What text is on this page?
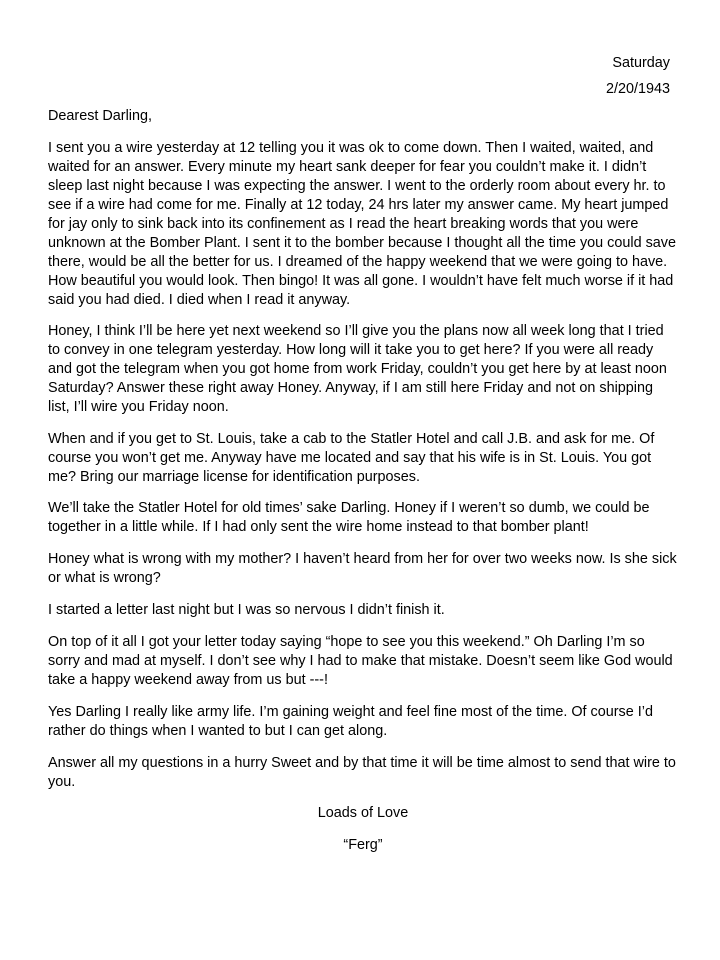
Saturday
2/20/1943
Dearest Darling,

I sent you a wire yesterday at 12 telling you it was ok to come down. Then I waited, waited, and waited for an answer. Every minute my heart sank deeper for fear you couldn’t make it. I didn’t sleep last night because I was expecting the answer. I went to the orderly room about every hr. to see if a wire had come for me. Finally at 12 today, 24 hrs later my answer came. My heart jumped for jay only to sink back into its confinement as I read the heart breaking words that you were unknown at the Bomber Plant. I sent it to the bomber because I thought all the time you could save there, would be all the better for us. I dreamed of the happy weekend that we were going to have. How beautiful you would look. Then bingo! It was all gone. I wouldn’t have felt much worse if it had said you had died. I died when I read it anyway.

Honey, I think I’ll be here yet next weekend so I’ll give you the plans now all week long that I tried to convey in one telegram yesterday. How long will it take you to get here? If you were all ready and got the telegram when you got home from work Friday, couldn’t you get here by at least noon Saturday? Answer these right away Honey. Anyway, if I am still here Friday and not on shipping list, I’ll wire you Friday noon.

When and if you get to St. Louis, take a cab to the Statler Hotel and call J.B. and ask for me. Of course you won’t get me. Anyway have me located and say that his wife is in St. Louis. You got me? Bring our marriage license for identification purposes.

We’ll take the Statler Hotel for old times’ sake Darling. Honey if I weren’t so dumb, we could be together in a little while. If I had only sent the wire home instead to that bomber plant!

Honey what is wrong with my mother? I haven’t heard from her for over two weeks now. Is she sick or what is wrong?

I started a letter last night but I was so nervous I didn’t finish it.

On top of it all I got your letter today saying “hope to see you this weekend.” Oh Darling I’m so sorry and mad at myself. I don’t see why I had to make that mistake. Doesn’t seem like God would take a happy weekend away from us but ---!

Yes Darling I really like army life. I’m gaining weight and feel fine most of the time. Of course I’d rather do things when I wanted to but I can get along.

Answer all my questions in a hurry Sweet and by that time it will be time almost to send that wire to you.

Loads of Love
“Ferg”
